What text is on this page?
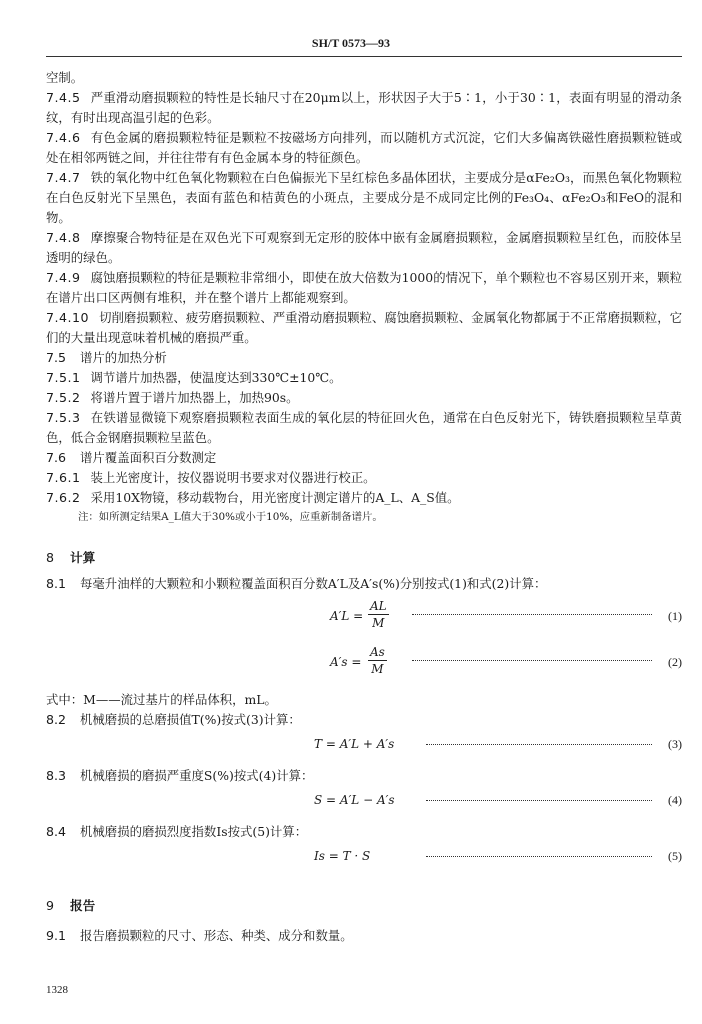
SH/T 0573—93

空制。

7.4.5 严重滑动磨损颗粒的特性是长轴尺寸在20μm以上，形状因子大于5∶1，小于30∶1，表面有明显的滑动条纹，有时出现高温引起的色彩。

7.4.6 有色金属的磨损颗粒特征是颗粒不按磁场方向排列，而以随机方式沉淀，它们大多偏离铁磁性磨损颗粒链或处在相邻两链之间，并往往带有有色金属本身的特征颜色。

7.4.7 铁的氧化物中红色氧化物颗粒在白色偏振光下呈红棕色多晶体团状，主要成分是αFe₂O₃，而黑色氧化物颗粒在白色反射光下呈黑色，表面有蓝色和桔黄色的小斑点，主要成分是不成同定比例的Fe₃O₄、αFe₂O₃和FeO的混和物。

7.4.8 摩擦聚合物特征是在双色光下可观察到无定形的胶体中嵌有金属磨损颗粒，金属磨损颗粒呈红色，而胶体呈透明的绿色。

7.4.9 腐蚀磨损颗粒的特征是颗粒非常细小，即使在放大倍数为1000的情况下，单个颗粒也不容易区别开来，颗粒在谱片出口区两侧有堆积，并在整个谱片上都能观察到。

7.4.10 切削磨损颗粒、疲劳磨损颗粒、严重滑动磨损颗粒、腐蚀磨损颗粒、金属氧化物都属于不正常磨损颗粒，它们的大量出现意味着机械的磨损严重。

7.5 谱片的加热分析

7.5.1 调节谱片加热器，使温度达到330℃±10℃。

7.5.2 将谱片置于谱片加热器上，加热90s。

7.5.3 在铁谱显微镜下观察磨损颗粒表面生成的氧化层的特征回火色，通常在白色反射光下，铸铁磨损颗粒呈草黄色，低合金钢磨损颗粒呈蓝色。

7.6 谱片覆盖面积百分数测定

7.6.1 装上光密度计，按仪器说明书要求对仪器进行校正。

7.6.2 采用10X物镜，移动载物台，用光密度计测定谱片的A_L、A_S值。

注：如所测定结果A_L值大于30%或小于10%，应重新制备谱片。

8 计算

8.1 每毫升油样的大颗粒和小颗粒覆盖面积百分数A′L及A′s(%)分别按式(1)和式(2)计算：

$A'L = \frac{AL}{M}$	(1)
$A's = \frac{As}{M}$	(2)

式中：M——流过基片的样品体积，mL。

8.2 机械磨损的总磨损值T(%)按式(3)计算：

T = A′L + A′s	(3)

8.3 机械磨损的磨损严重度S(%)按式(4)计算：

S = A′L − A′s	(4)

8.4 机械磨损的磨损烈度指数Is按式(5)计算：

Is = T · S	(5)
9 报告

9.1 报告磨损颗粒的尺寸、形态、种类、成分和数量。

1328
